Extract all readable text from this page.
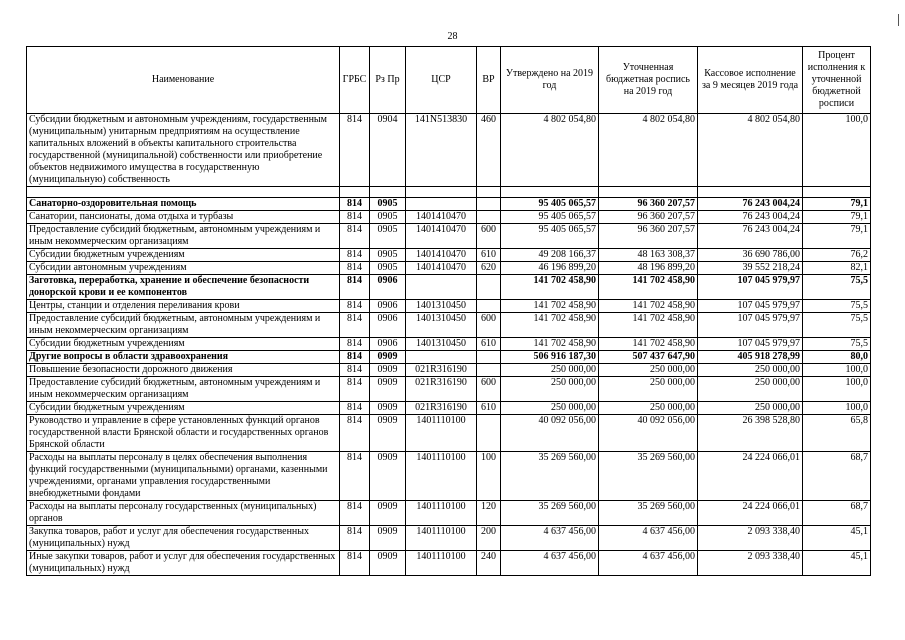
28
Наименование	ГРБС	Рз Пр	ЦСР	ВР	Утверждено на 2019 год	Уточненная бюджетная роспись на 2019 год	Кассовое исполнение за 9 месяцев 2019 года	Процент исполнения к уточненной бюджетной росписи
Субсидии бюджетным и автономным учреждениям, государственным (муниципальным) унитарным предприятиям на осуществление капитальных вложений в объекты капитального строительства государственной (муниципальной) собственности или приобретение объектов недвижимого имущества в государственную (муниципальную) собственность	814	0904	141N513830	460	4 802 054,80	4 802 054,80	4 802 054,80	100,0

Санаторно-оздоровительная помощь	814	0905			95 405 065,57	96 360 207,57	76 243 004,24	79,1
Санатории, пансионаты, дома отдыха и турбазы	814	0905	1401410470		95 405 065,57	96 360 207,57	76 243 004,24	79,1
Предоставление субсидий бюджетным, автономным учреждениям и иным некоммерческим организациям	814	0905	1401410470	600	95 405 065,57	96 360 207,57	76 243 004,24	79,1
Субсидии бюджетным учреждениям	814	0905	1401410470	610	49 208 166,37	48 163 308,37	36 690 786,00	76,2
Субсидии автономным учреждениям	814	0905	1401410470	620	46 196 899,20	48 196 899,20	39 552 218,24	82,1
Заготовка, переработка, хранение и обеспечение безопасности донорской крови и ее компонентов	814	0906			141 702 458,90	141 702 458,90	107 045 979,97	75,5
Центры, станции и отделения переливания крови	814	0906	1401310450		141 702 458,90	141 702 458,90	107 045 979,97	75,5
Предоставление субсидий бюджетным, автономным учреждениям и иным некоммерческим организациям	814	0906	1401310450	600	141 702 458,90	141 702 458,90	107 045 979,97	75,5
Субсидии бюджетным учреждениям	814	0906	1401310450	610	141 702 458,90	141 702 458,90	107 045 979,97	75,5
Другие вопросы в области здравоохранения	814	0909			506 916 187,30	507 437 647,90	405 918 278,99	80,0
Повышение безопасности дорожного движения	814	0909	021R316190		250 000,00	250 000,00	250 000,00	100,0
Предоставление субсидий бюджетным, автономным учреждениям и иным некоммерческим организациям	814	0909	021R316190	600	250 000,00	250 000,00	250 000,00	100,0
Субсидии бюджетным учреждениям	814	0909	021R316190	610	250 000,00	250 000,00	250 000,00	100,0
Руководство и управление в сфере установленных функций органов государственной власти Брянской области и государственных органов Брянской области	814	0909	1401110100		40 092 056,00	40 092 056,00	26 398 528,80	65,8
Расходы на выплаты персоналу в целях обеспечения выполнения функций государственными (муниципальными) органами, казенными учреждениями, органами управления государственными внебюджетными фондами	814	0909	1401110100	100	35 269 560,00	35 269 560,00	24 224 066,01	68,7
Расходы на выплаты персоналу государственных (муниципальных) органов	814	0909	1401110100	120	35 269 560,00	35 269 560,00	24 224 066,01	68,7
Закупка товаров, работ и услуг для обеспечения государственных (муниципальных) нужд	814	0909	1401110100	200	4 637 456,00	4 637 456,00	2 093 338,40	45,1
Иные закупки товаров, работ и услуг для обеспечения государственных (муниципальных) нужд	814	0909	1401110100	240	4 637 456,00	4 637 456,00	2 093 338,40	45,1
